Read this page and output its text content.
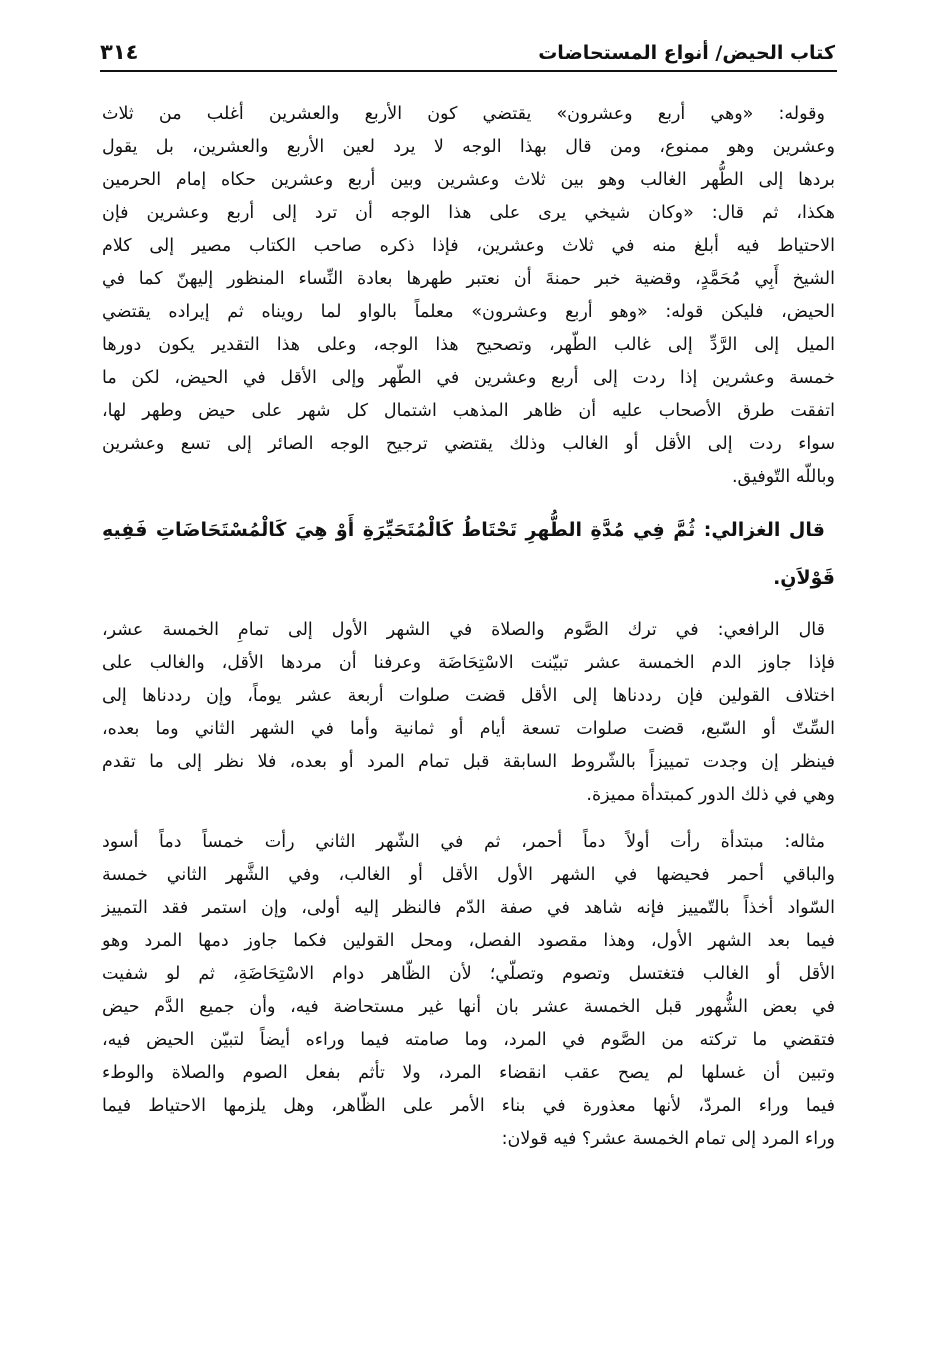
كتاب الحيض/ أنواع المستحاضات
٣١٤
وقوله: «وهي أربع وعشرون» يقتضي كون الأربع والعشرين أغلب من ثلاث
وعشرين وهو ممنوع، ومن قال بهذا الوجه لا يرد لعين الأربع والعشرين، بل يقول
بردها إلى الطُّهر الغالب وهو بين ثلاث وعشرين وبين أربع وعشرين حكاه إمام الحرمين
هكذا، ثم قال: «وكان شيخي يرى على هذا الوجه أن ترد إلى أربع وعشرين فإن
الاحتياط فيه أبلغ منه في ثلاث وعشرين، فإذا ذكره صاحب الكتاب مصير إلى كلام
الشيخ أَبِي مُحَمَّدٍ، وقضية خبر حمنةَ أن نعتبر طهرها بعادة النِّساء المنظور إليهنّ كما في
الحيض، فليكن قوله: «وهو أربع وعشرون» معلماً بالواو لما رويناه ثم إيراده يقتضي
الميل إلى الرَّدِّ إلى غالب الطّهر، وتصحيح هذا الوجه، وعلى هذا التقدير يكون دورها
خمسة وعشرين إذا ردت إلى أربع وعشرين في الطّهر وإلى الأقل في الحيض، لكن ما
اتفقت طرق الأصحاب عليه أن ظاهر المذهب اشتمال كل شهر على حيض وطهر لها،
سواء ردت إلى الأقل أو الغالب وذلك يقتضي ترجيح الوجه الصائر إلى تسع وعشرين
وباللّه التّوفيق.
قال الغزالي: ثُمَّ فِي مُدَّةِ الطُّهرِ تَحْتَاطُ كَالْمُتَحَيِّرَةِ أَوْ هِيَ كَالْمُسْتَحَاضَاتِ فَفِيهِ
قَوْلاَنِ.
قال الرافعي: في ترك الصَّوم والصلاة في الشهر الأول إلى تمامِ الخمسة عشر،
فإذا جاوز الدم الخمسة عشر تبيّنت الاسْتِحَاضَة وعرفنا أن مردها الأقل، والغالب على
اختلاف القولين فإن رددناها إلى الأقل قضت صلوات أربعة عشر يوماً، وإن رددناها إلى
السِّتّ أو السّبع، قضت صلوات تسعة أيام أو ثمانية وأما في الشهر الثاني وما بعده،
فينظر إن وجدت تمييزاً بالشّروط السابقة قبل تمام المرد أو بعده، فلا نظر إلى ما تقدم
وهي في ذلك الدور كمبتدأة مميزة.
مثاله: مبتدأة رأت أولاً دماً أحمر، ثم في الشّهر الثاني رأت خمساً دماً أسود
والباقي أحمر فحيضها في الشهر الأول الأقل أو الغالب، وفي الشَّهر الثاني خمسة
السّواد أخذاً بالتّمييز فإنه شاهد في صفة الدّم فالنظر إليه أولى، وإن استمر فقد التمييز
فيما بعد الشهر الأول، وهذا مقصود الفصل، ومحل القولين فكما جاوز دمها المرد وهو
الأقل أو الغالب فتغتسل وتصوم وتصلّي؛ لأن الظّاهر دوام الاسْتِحَاضَةِ، ثم لو شفيت
في بعض الشُّهور قبل الخمسة عشر بان أنها غير مستحاضة فيه، وأن جميع الدَّم حيض
فتقضي ما تركته من الصَّوم في المرد، وما صامته فيما وراءه أيضاً لتبيّن الحيض فيه،
وتبين أن غسلها لم يصح عقب انقضاء المرد، ولا تأثم بفعل الصوم والصلاة والوطء
فيما وراء المردّ، لأنها معذورة في بناء الأمر على الظّاهر، وهل يلزمها الاحتياط فيما
وراء المرد إلى تمام الخمسة عشر؟ فيه قولان:
